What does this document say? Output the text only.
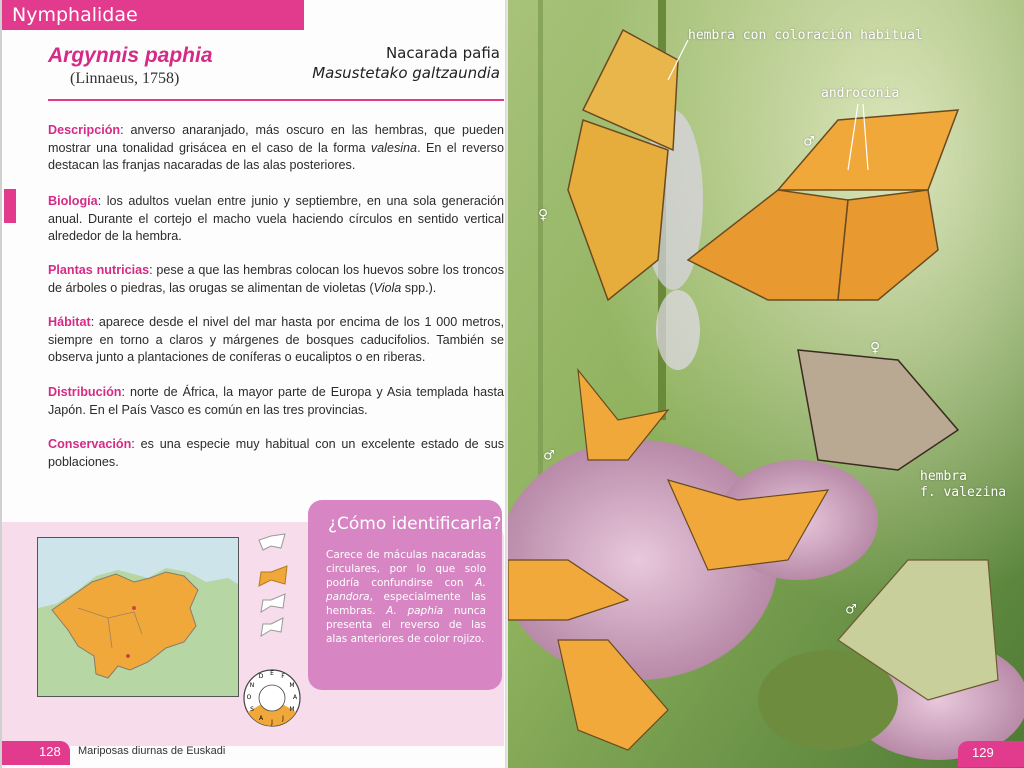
Nymphalidae
Argynnis paphia
(Linnaeus, 1758)
Nacarada pafia
Masustetako galtzaundia
Descripción: anverso anaranjado, más oscuro en las hembras, que pueden mostrar una tonalidad grisácea en el caso de la forma valesina. En el reverso destacan las franjas nacaradas de las alas posteriores.
Biología: los adultos vuelan entre junio y septiembre, en una sola generación anual. Durante el cortejo el macho vuela haciendo círculos en sentido vertical alrededor de la hembra.
Plantas nutricias: pese a que las hembras colocan los huevos sobre los troncos de árboles o piedras, las orugas se alimentan de violetas (Viola spp.).
Hábitat: aparece desde el nivel del mar hasta por encima de los 1 000 metros, siempre en torno a claros y márgenes de bosques caducifolios. También se observa junto a plantaciones de coníferas o eucaliptos o en riberas.
Distribución: norte de África, la mayor parte de Europa y Asia templada hasta Japón. En el País Vasco es común en las tres provincias.
Conservación: es una especie muy habitual con un excelente estado de sus poblaciones.
E F
M
A
M
J
J
A
S
O
N
D
¿Cómo identificarla?
Carece de máculas nacaradas circulares, por lo que solo podría confundirse con A. pandora, especialmente las hembras. A. paphia nunca presenta el reverso de las alas anteriores de color rojizo.
128 Mariposas diurnas de Euskadi
hembra con coloración habitual
androconia
hembra
f. valezina
♂
♀
♀
♂
♂
129
